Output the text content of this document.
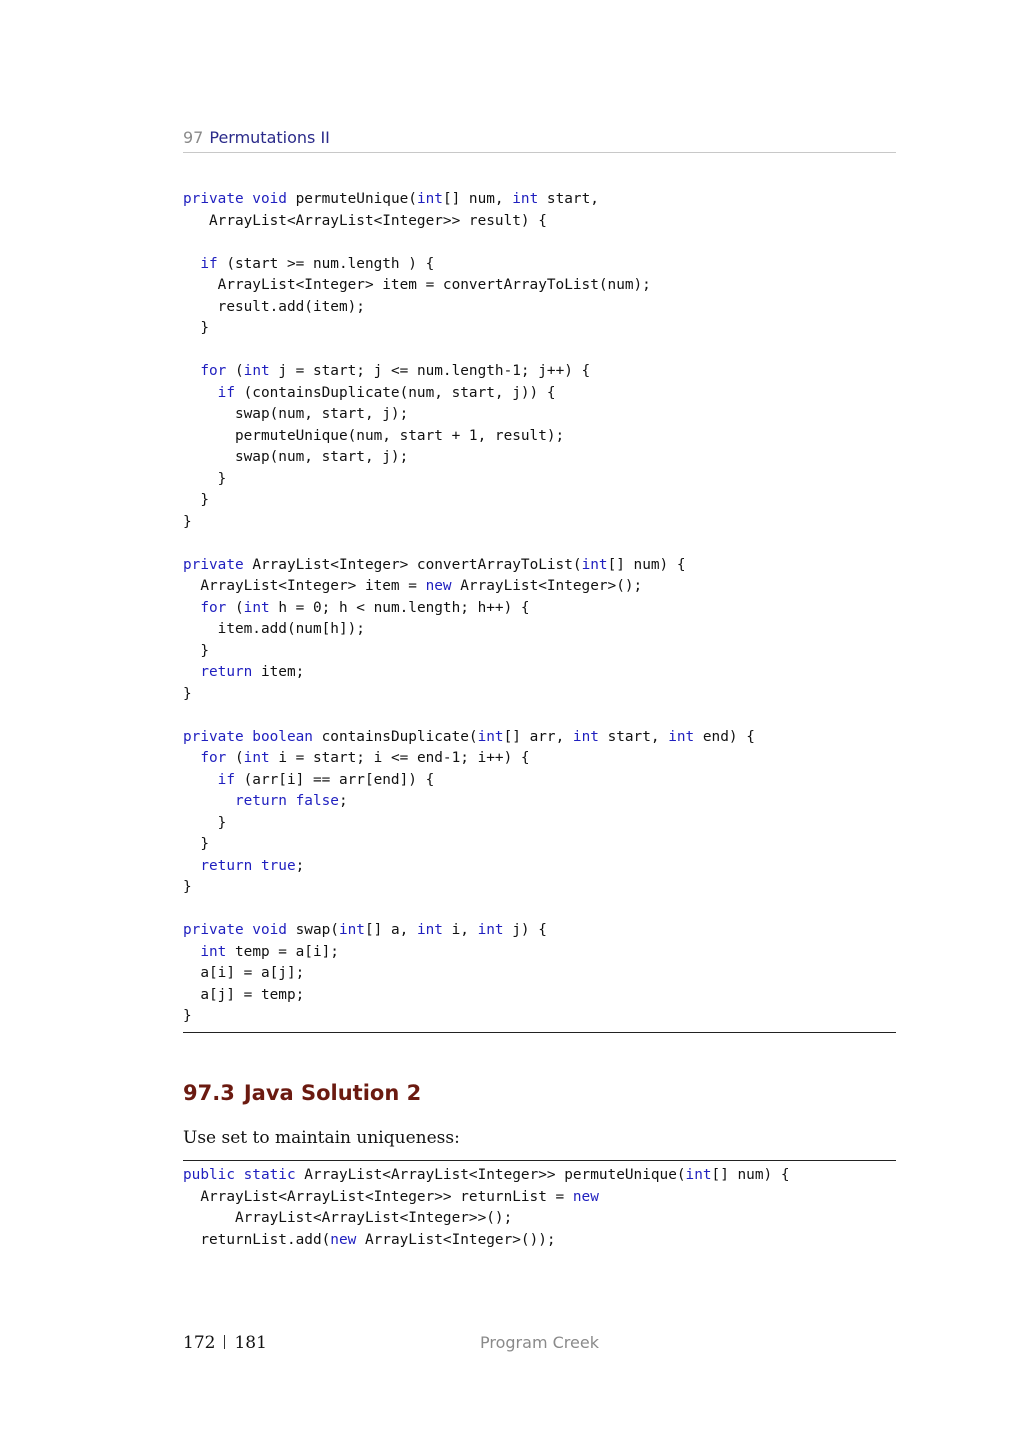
97 Permutations II
private void permuteUnique(int[] num, int start,
ArrayList<ArrayList<Integer>> result) {

if (start >= num.length ) {
ArrayList<Integer> item = convertArrayToList(num);
result.add(item);
}

for (int j = start; j <= num.length-1; j++) {
if (containsDuplicate(num, start, j)) {
swap(num, start, j);
permuteUnique(num, start + 1, result);
swap(num, start, j);
}
}
}

private ArrayList<Integer> convertArrayToList(int[] num) {
ArrayList<Integer> item = new ArrayList<Integer>();
for (int h = 0; h < num.length; h++) {
item.add(num[h]);
}
return item;
}

private boolean containsDuplicate(int[] arr, int start, int end) {
for (int i = start; i <= end-1; i++) {
if (arr[i] == arr[end]) {
return false;
}
}
return true;
}

private void swap(int[] a, int i, int j) {
int temp = a[i];
a[i] = a[j];
a[j] = temp;
}
97.3 Java Solution 2

Use set to maintain uniqueness:

public static ArrayList<ArrayList<Integer>> permuteUnique(int[] num) {
ArrayList<ArrayList<Integer>> returnList = new
ArrayList<ArrayList<Integer>>();
returnList.add(new ArrayList<Integer>());
172 181	Program Creek
